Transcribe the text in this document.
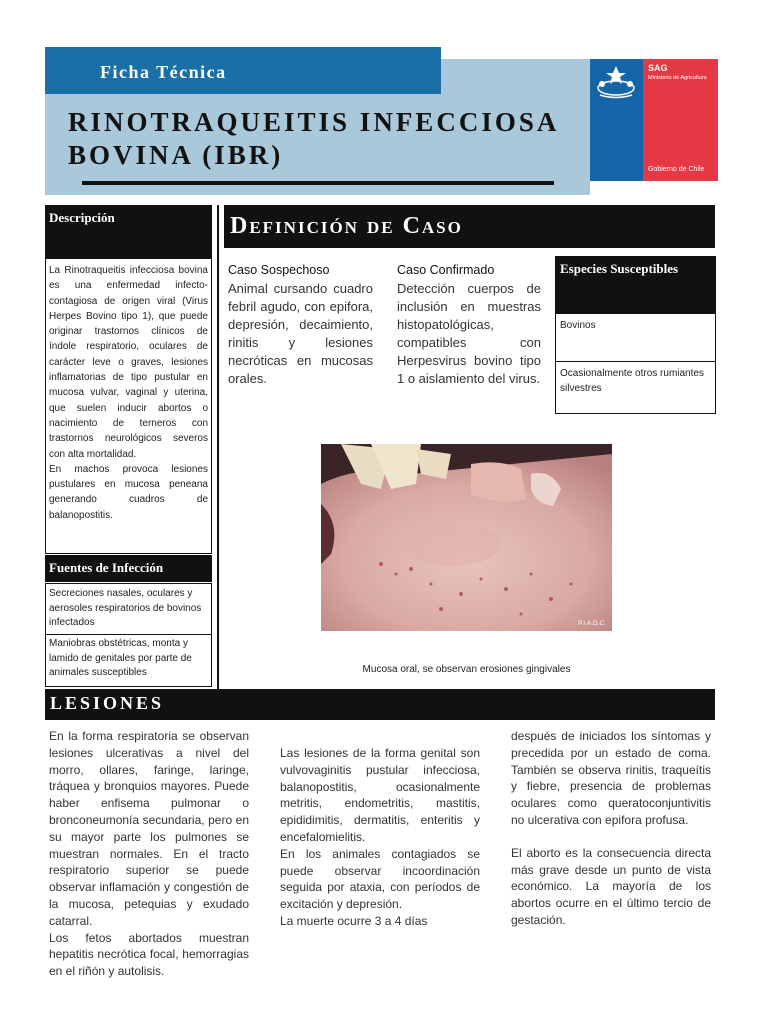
Ficha Técnica
RINOTRAQUEITIS INFECCIOSA BOVINA (IBR)
SAG
Ministerio de Agricultura
Gobierno de Chile
Descripción

La Rinotraqueitis infecciosa bovina es una enfermedad infecto-contagiosa de origen viral (Virus Herpes Bovino tipo 1), que puede originar trastornos clínicos de índole respiratorio, oculares de carácter leve o graves, lesiones inflamatorias de tipo pustular en mucosa vulvar, vaginal y uterina, que suelen inducir abortos o nacimiento de terneros con trastornos neurológicos severos con alta mortalidad.

En machos provoca lesiones pustulares en mucosa peneana generando cuadros de balanopostitis.

Fuentes de Infección
Secreciones nasales, oculares y aerosoles respiratorios de bovinos infectados
Maniobras obstétricas, monta y lamido de genitales por parte de animales susceptibles
Definición de Caso
Caso Sospechoso
Animal cursando cuadro febril agudo, con epifora, depresión, decaimiento, rinitis y lesiones necróticas en mucosas orales.
Caso Confirmado
Detección cuerpos de inclusión en muestras histopatológicas, compatibles con Herpesvirus bovino tipo 1 o aislamiento del virus.
Especies Susceptibles
Bovinos
Ocasionalmente otros rumiantes silvestres
P.I.A.D.C.
Mucosa oral, se observan erosiones gingivales
LESIONES

En la forma respiratoria se observan lesiones ulcerativas a nivel del morro, ollares, faringe, laringe, tráquea y bronquios mayores. Puede haber enfisema pulmonar o bronconeumonía secundaria, pero en su mayor parte los pulmones se muestran normales. En el tracto respiratorio superior se puede observar inflamación y congestión de la mucosa, petequias y exudado catarral.

Los fetos abortados muestran hepatitis necrótica focal, hemorragias en el riñón y autolisis.

Las lesiones de la forma genital son vulvovaginitis pustular infecciosa, balanopostitis, ocasionalmente metritis, endometritis, mastitis, epididimitis, dermatitis, enteritis y encefalomielitis.

En los animales contagiados se puede observar incoordinación seguida por ataxia, con períodos de excitación y depresión.

La muerte ocurre 3 a 4 días

después de iniciados los síntomas y precedida por un estado de coma. También se observa rinitis, traqueítis y fiebre, presencia de problemas oculares como queratoconjuntivitis no ulcerativa con epifora profusa.

El aborto es la consecuencia directa más grave desde un punto de vista económico. La mayoría de los abortos ocurre en el último tercio de gestación.
